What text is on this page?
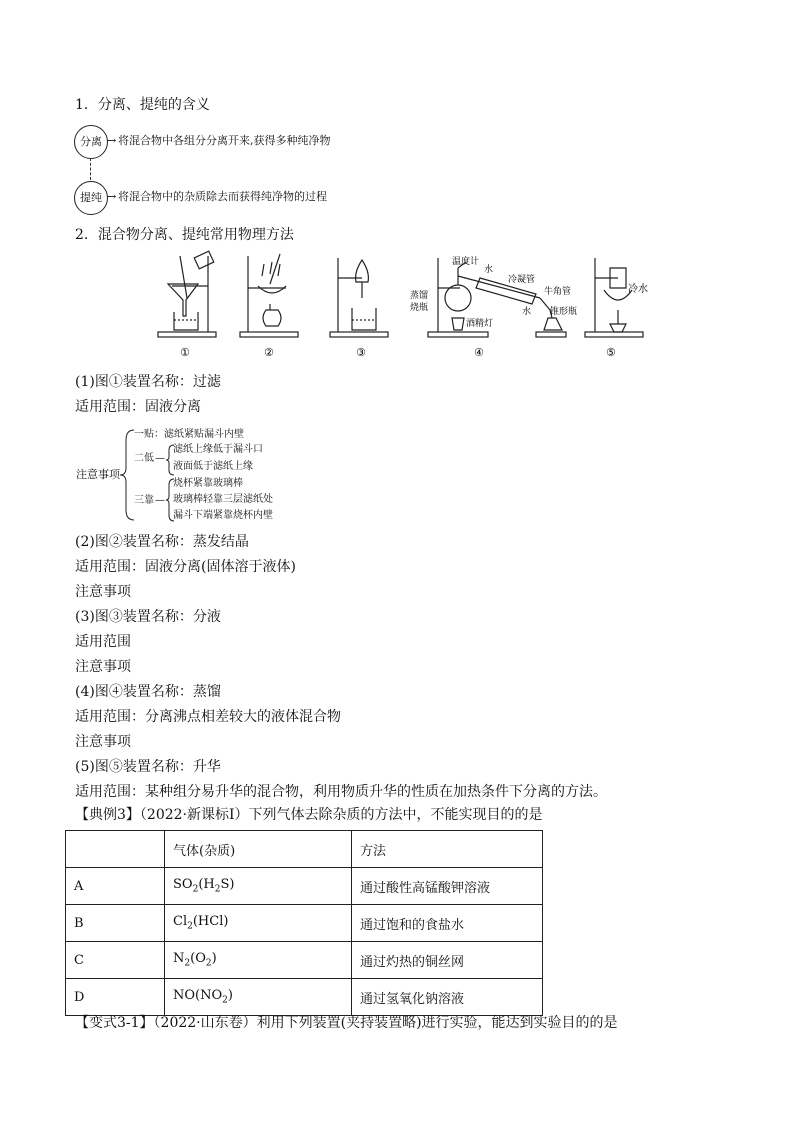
1．分离、提纯的含义
分离
提纯
→ 将混合物中各组分分离开来,获得多种纯净物
→ 将混合物中的杂质除去而获得纯净物的过程
2．混合物分离、提纯常用物理方法
①	②	③	④	⑤
温度计
水
冷凝管
蒸馏
烧瓶
牛角管
水
酒精灯
锥形瓶
冷水
(1)图①装置名称：过滤
适用范围：固液分离
注意事项
一贴：滤纸紧贴漏斗内壁
二低 —
滤纸上缘低于漏斗口
液面低于滤纸上缘
三靠 —
烧杯紧靠玻璃棒
玻璃棒轻靠三层滤纸处
漏斗下端紧靠烧杯内壁
(2)图②装置名称：蒸发结晶
适用范围：固液分离(固体溶于液体)
注意事项
(3)图③装置名称：分液
适用范围
注意事项
(4)图④装置名称：蒸馏
适用范围：分离沸点相差较大的液体混合物
注意事项
(5)图⑤装置名称：升华
适用范围：某种组分易升华的混合物，利用物质升华的性质在加热条件下分离的方法。
【典例3】（2022·新课标Ⅰ）下列气体去除杂质的方法中，不能实现目的的是
	气体(杂质)	方法
A	$SO_2(H_2S)$	通过酸性高锰酸钾溶液
B	$Cl_2(HCl)$	通过饱和的食盐水
C	$N_2(O_2)$	通过灼热的铜丝网
D	$NO(NO_2)$	通过氢氧化钠溶液
【变式3-1】（2022·山东卷）利用下列装置(夹持装置略)进行实验，能达到实验目的的是
